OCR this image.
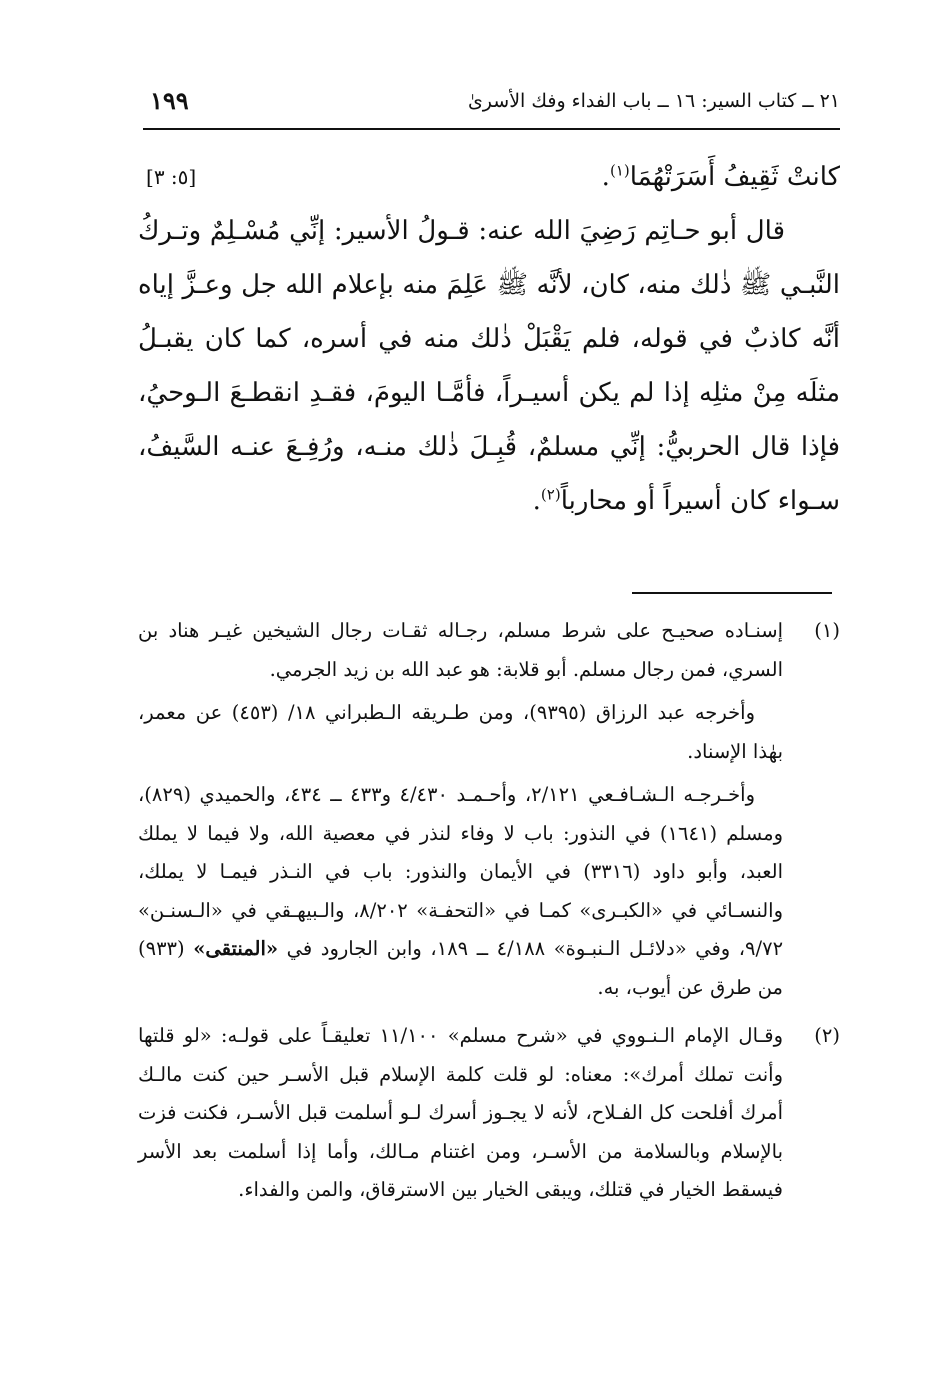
٢١ ــ كتاب السير: ١٦ ــ باب الفداء وفك الأسرىٰ
١٩٩

كانتْ ثَقِيفُ أَسَرَتْهُمَا$^{(١)}$.
[٥: ٣]

قال أبو حـاتِم رَضِيَ الله عنه: قـولُ الأسير: إنِّي مُسْـلِمٌ وتـركُ النَّبـي ﷺ ذٰلك منه، كان، لأنَّه ﷺ عَلِمَ منه بإعلام الله جل وعـزَّ إياه أنَّه كاذبٌ في قوله، فلم يَقْبَلْ ذٰلك منه في أسره، كما كان يقبـلُ مثلَه مِنْ مثلِه إذا لم يكن أسيـراً، فأمَّـا اليومَ، فقـدِ انقطـعَ الـوحيُ، فإذا قال الحربيُّ: إنِّي مسلمٌ، قُبِـلَ ذٰلك منـه، ورُفِـعَ عنـه السَّيفُ، سـواء كان أسيراً أو محارباً$^{(٢)}$.

(١)

إسنـاده صحيـح على شرط مسلم، رجـاله ثقـات رجال الشيخين غيـر هناد بن السري، فمن رجال مسلم. أبو قلابة: هو عبد الله بن زيد الجرمي.

وأخرجه عبد الرزاق (٩٣٩٥)، ومن طـريقه الـطبراني ١٨/ (٤٥٣) عن معمر، بهٰذا الإسناد.

وأخـرجـه الـشـافـعي ٢/١٢١، وأحـمـد ٤/٤٣٠ و٤٣٣ ــ ٤٣٤، والحميدي (٨٢٩)، ومسلم (١٦٤١) في النذور: باب لا وفاء لنذر في معصية الله، ولا فيما لا يملك العبد، وأبو داود (٣٣١٦) في الأيمان والنذور: باب في النـذر فيمـا لا يملك، والنسـائي في «الكبـرى» كمـا في «التحفـة» ٨/٢٠٢، والـبيهـقي في «الـسنـن» ٩/٧٢، وفي «دلائـل الـنبـوة» ٤/١٨٨ ــ ١٨٩، وابن الجارود في «المنتقى» (٩٣٣) من طرق عن أيوب، به.

(٢)

وقـال الإمام الـنـووي في «شرح مسلم» ١١/١٠٠ تعليقـاً على قولـه: «لو قلتها وأنت تملك أمرك»: معناه: لو قلت كلمة الإسلام قبل الأسـر حين كنت مالـك أمرك أفلحت كل الفـلاح، لأنه لا يجـوز أسرك لـو أسلمت قبل الأسـر، فكنت فزت بالإسلام وبالسلامة من الأسـر، ومن اغتنام مـالك، وأما إذا أسلمت بعد الأسر فيسقط الخيار في قتلك، ويبقى الخيار بين الاسترقاق، والمن والفداء.
